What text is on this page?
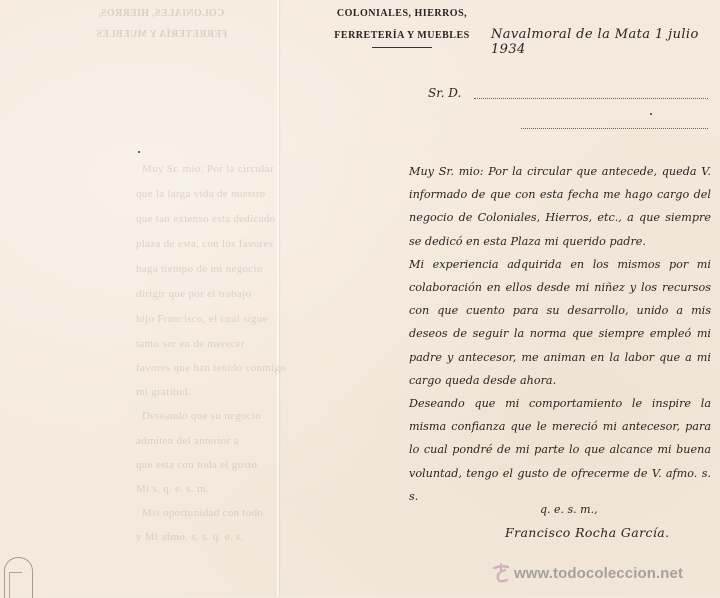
COLONIALES, HIERROS,
FERRETERÍA Y MUEBLES
Muy Sr. mío: Por la circular
que la larga vida de nuestro
que tan extenso esta dedicado
plaza de esta, con los favores
haga tiempo de mi negocio
dirigir que por el trabajo
hijo Francisco, el cual sigue
tanto ser en de merecer
favores que han tenido conmigo
mi gratitud.
Deseando que su negocio
admiten del anterior a
que esta con toda el gusto
Mi s. q. e. s. m.
Mis oportunidad con todo
y Mi afmo. s. s. q. e. s.
COLONIALES, HIERROS,
FERRETERÍA Y MUEBLES	Navalmoral de la Mata 1 julio 1934
Sr. D.

Muy Sr. mio: Por la circular que antecede, queda V. informado de que con esta fecha me hago cargo del negocio de Coloniales, Hierros, etc., a que siempre se dedicó en esta Plaza mi querido padre.

Mi experiencia adquirida en los mismos por mi colaboración en ellos desde mi niñez y los recursos con que cuento para su desarrollo, unido a mis deseos de seguir la norma que siempre empleó mi padre y antecesor, me animan en la labor que a mi cargo queda desde ahora.

Deseando que mi comportamiento le inspire la misma confianza que le mereció mi antecesor, para lo cual pondré de mi parte lo que alcance mi buena voluntad, tengo el gusto de ofrecerme de V. afmo. s. s.

q. e. s. m.,
Francisco Rocha García.
www.todocoleccion.net
